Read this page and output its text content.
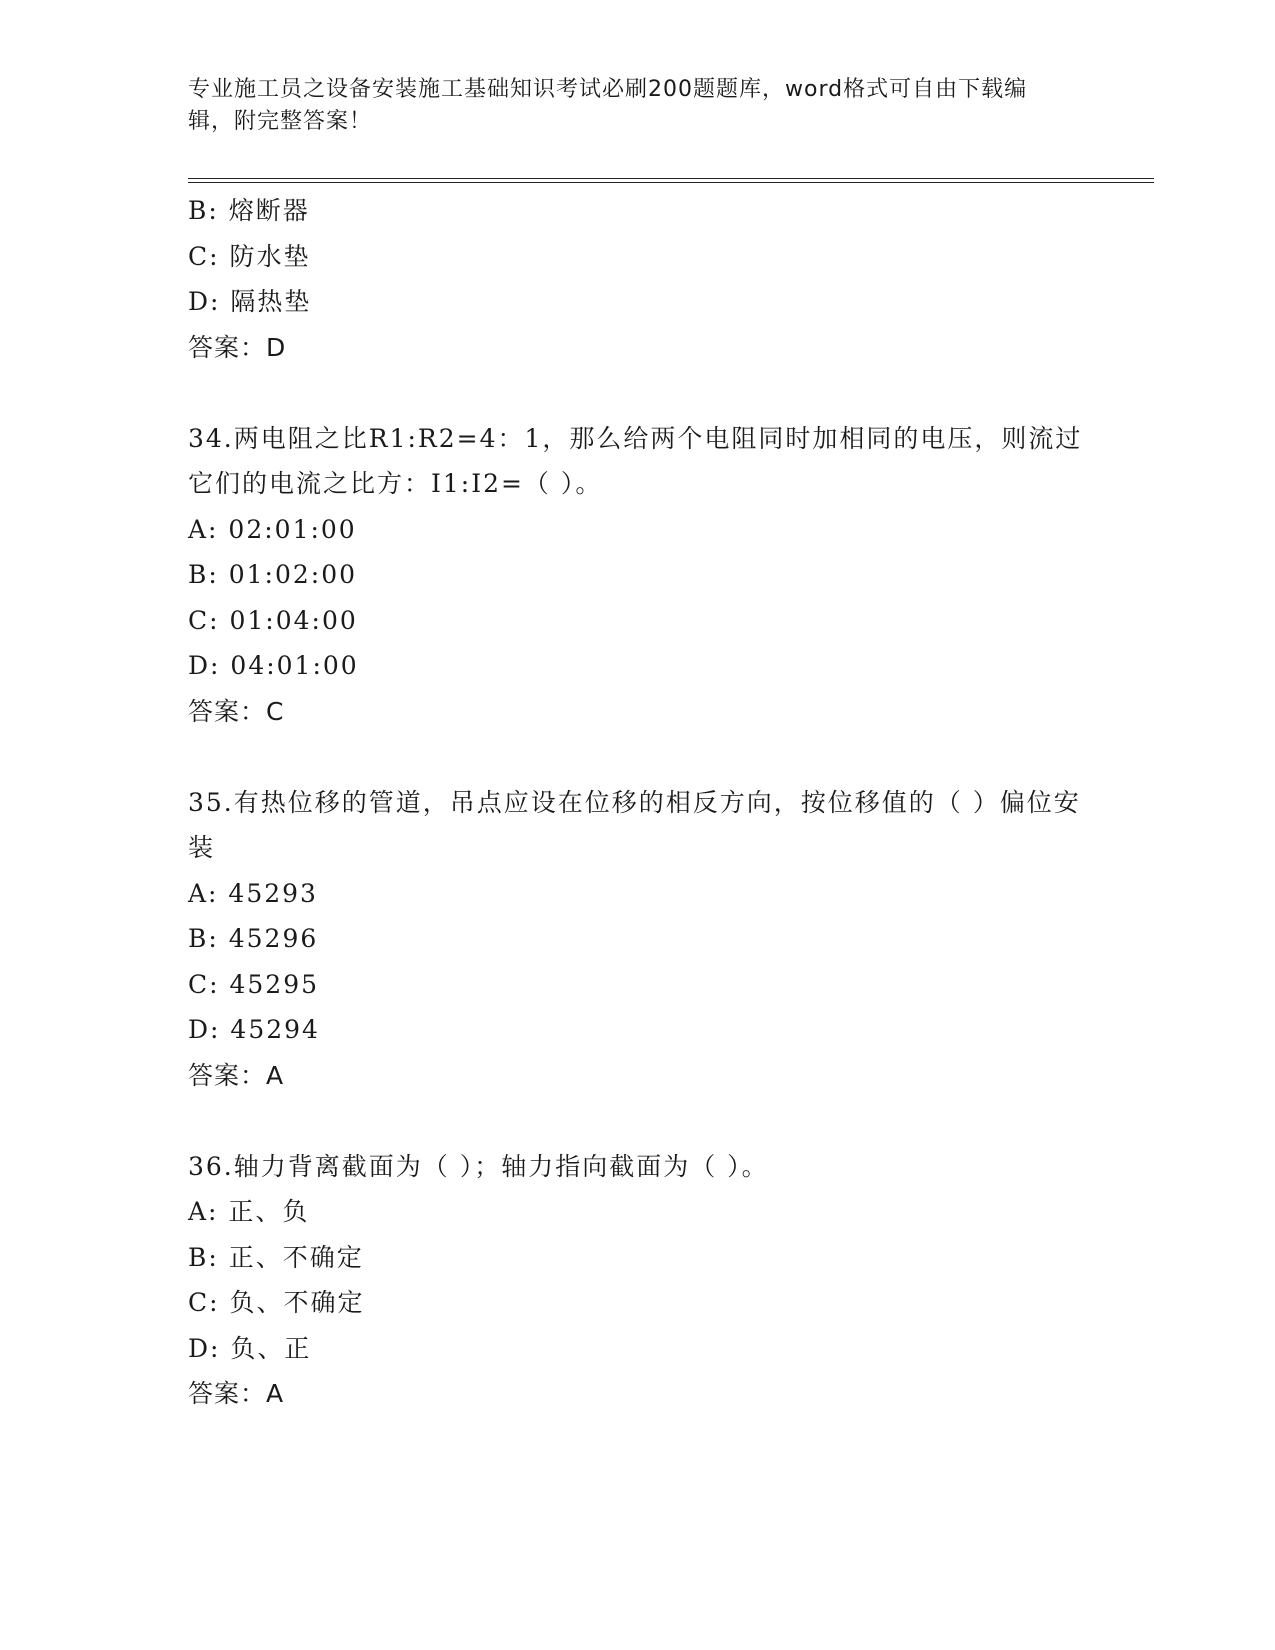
专业施工员之设备安装施工基础知识考试必刷200题题库，word格式可自由下载编辑，附完整答案！
B: 熔断器
C: 防水垫
D: 隔热垫
答案：D
34.两电阻之比R1:R2=4：1，那么给两个电阻同时加相同的电压，则流过它们的电流之比方：I1:I2=（ ）。
A: 02:01:00
B: 01:02:00
C: 01:04:00
D: 04:01:00
答案：C
35.有热位移的管道，吊点应设在位移的相反方向，按位移值的（ ）偏位安装
A: 45293
B: 45296
C: 45295
D: 45294
答案：A
36.轴力背离截面为（ ）；轴力指向截面为（ ）。
A: 正、负
B: 正、不确定
C: 负、不确定
D: 负、正
答案：A
